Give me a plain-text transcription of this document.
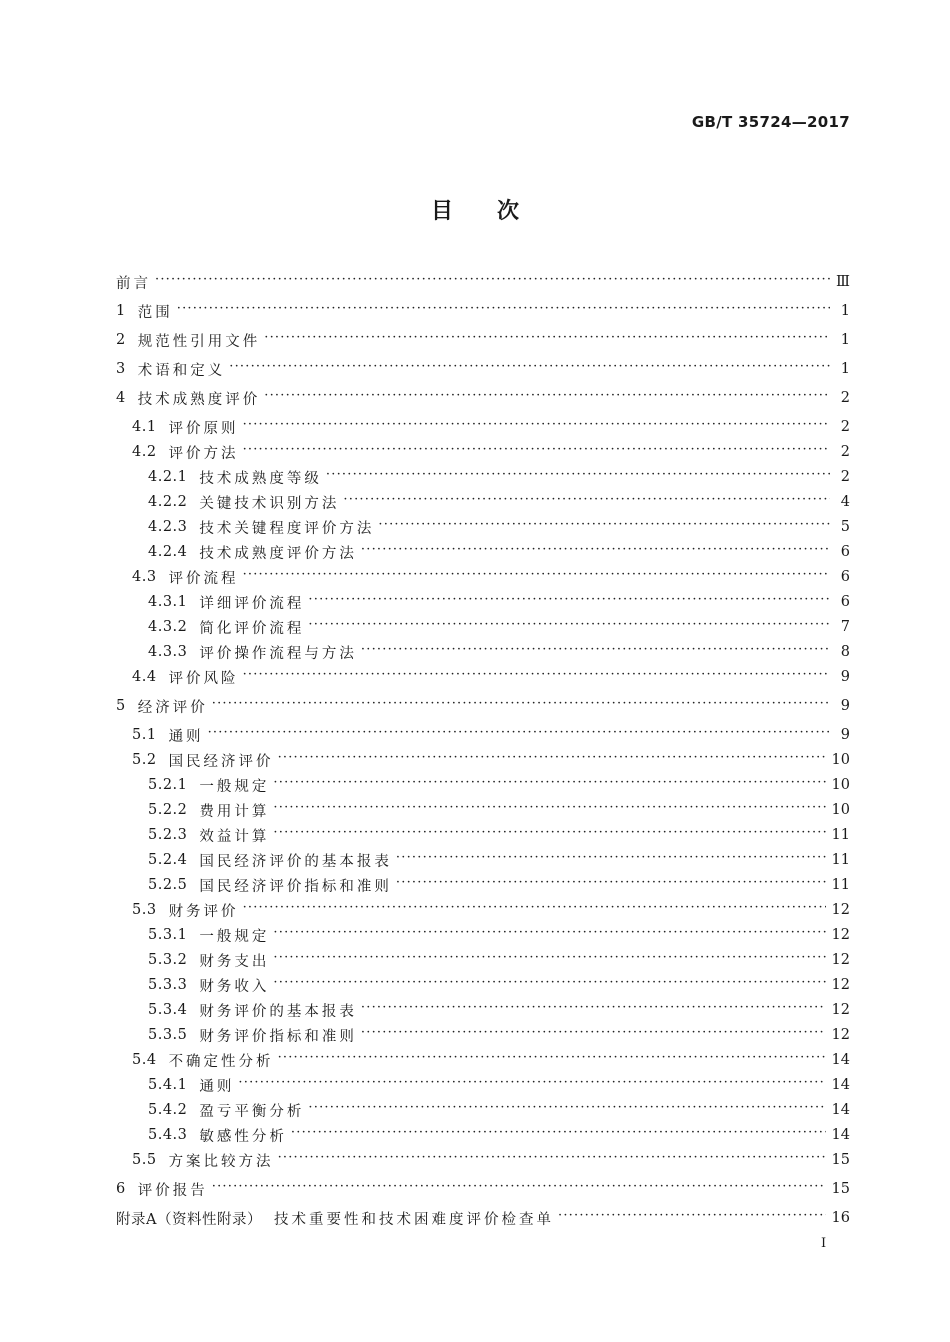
GB/T 35724—2017
目次
前言 ·····	Ⅲ
1 范围 ·····	1
2 规范性引用文件 ·····	1
3 术语和定义 ·····	1
4 技术成熟度评价 ·····	2
4.1 评价原则 ·····	2
4.2 评价方法 ·····	2
4.2.1 技术成熟度等级 ·····	2
4.2.2 关键技术识别方法 ·····	4
4.2.3 技术关键程度评价方法 ·····	5
4.2.4 技术成熟度评价方法 ·····	6
4.3 评价流程 ·····	6
4.3.1 详细评价流程 ·····	6
4.3.2 简化评价流程 ·····	7
4.3.3 评价操作流程与方法 ·····	8
4.4 评价风险 ·····	9
5 经济评价 ·····	9
5.1 通则 ·····	9
5.2 国民经济评价 ·····	10
5.2.1 一般规定 ·····	10
5.2.2 费用计算 ·····	10
5.2.3 效益计算 ·····	11
5.2.4 国民经济评价的基本报表 ·····	11
5.2.5 国民经济评价指标和准则 ·····	11
5.3 财务评价 ·····	12
5.3.1 一般规定 ·····	12
5.3.2 财务支出 ·····	12
5.3.3 财务收入 ·····	12
5.3.4 财务评价的基本报表 ·····	12
5.3.5 财务评价指标和准则 ·····	12
5.4 不确定性分析 ·····	14
5.4.1 通则 ·····	14
5.4.2 盈亏平衡分析 ·····	14
5.4.3 敏感性分析 ·····	14
5.5 方案比较方法 ·····	15
6 评价报告 ·····	15
附录A（资料性附录） 技术重要性和技术困难度评价检查单 ·····	16
I
